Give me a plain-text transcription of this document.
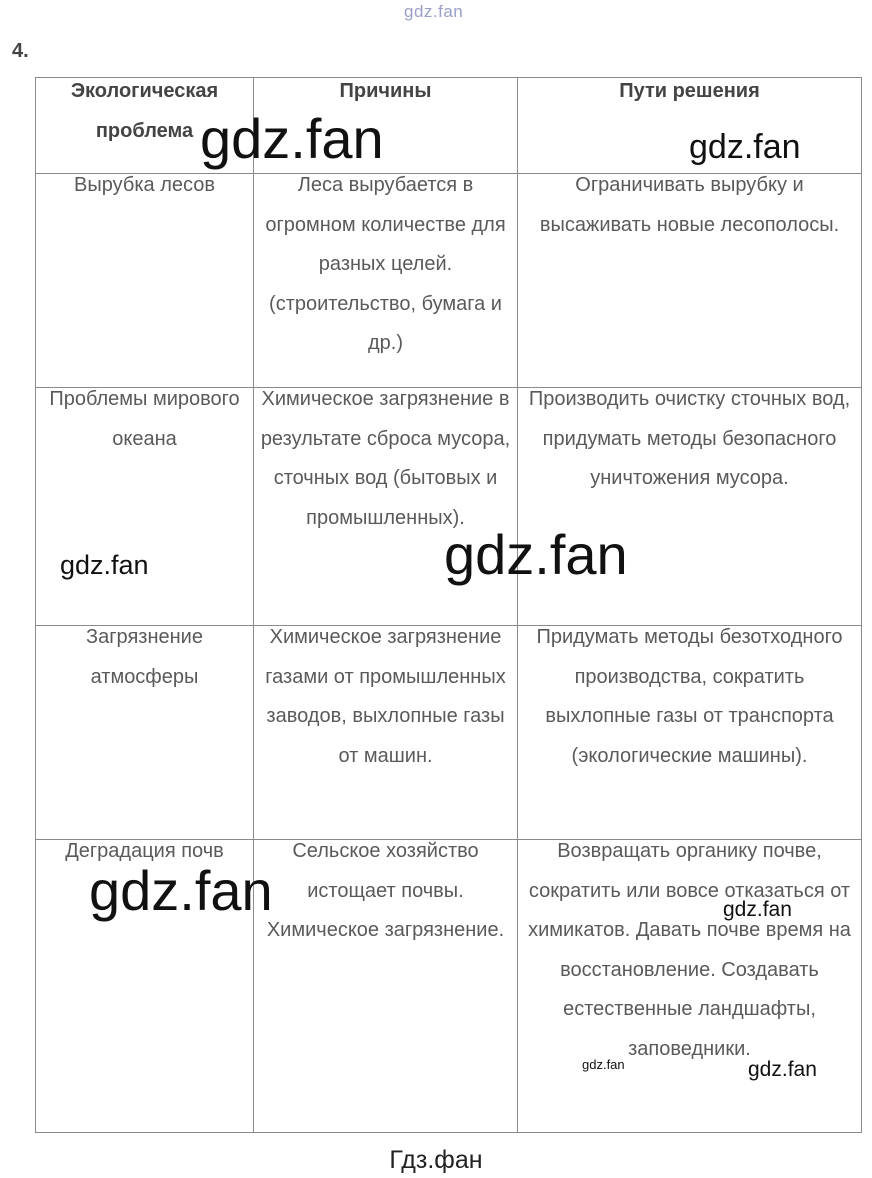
gdz.fan
4.
Экологическая проблема	Причины	Пути решения

Вырубка лесов	Леса вырубается в огромном количестве для разных целей. (строительство, бумага и др.)	Ограничивать вырубку и высаживать новые лесополосы.

Проблемы мирового океана	Химическое загрязнение в результате сброса мусора, сточных вод (бытовых и промышленных).	Производить очистку сточных вод, придумать методы безопасного уничтожения мусора.

Загрязнение атмосферы	Химическое загрязнение газами от промышленных заводов, выхлопные газы от машин.	Придумать методы безотходного производства, сократить выхлопные газы от транспорта (экологические машины).

Деградация почв	Сельское хозяйство истощает почвы. Химическое загрязнение.	Возвращать органику почве, сократить или вовсе отказаться от химикатов. Давать почве время на восстановление. Создавать естественные ландшафты, заповедники.
gdz.fan	gdz.fan
gdz.fan
gdz.fan
gdz.fan	gdz.fan
gdz.fan	gdz.fan
Гдз.фан
